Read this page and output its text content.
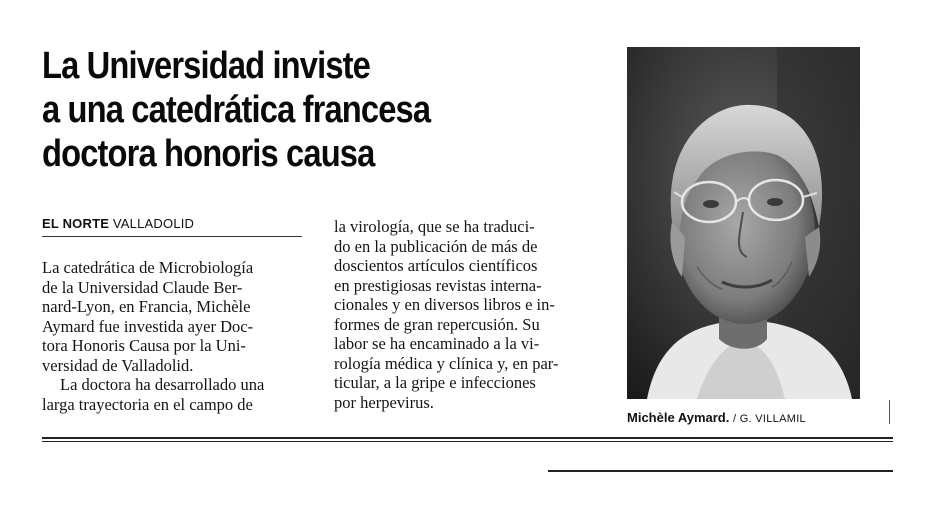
La Universidad inviste
a una catedrática francesa
doctora honoris causa
EL NORTE VALLADOLID

La catedrática de Microbiología
de la Universidad Claude Ber-
nard-Lyon, en Francia, Michèle
Aymard fue investida ayer Doc-
tora Honoris Causa por la Uni-
versidad de Valladolid.

La doctora ha desarrollado una
larga trayectoria en el campo de

la virología, que se ha traduci-
do en la publicación de más de
doscientos artículos científicos
en prestigiosas revistas interna-
cionales y en diversos libros e in-
formes de gran repercusión. Su
labor se ha encaminado a la vi-
rología médica y clínica y, en par-
ticular, a la gripe e infecciones
por herpevirus.

Michèle Aymard. / G. VILLAMIL
